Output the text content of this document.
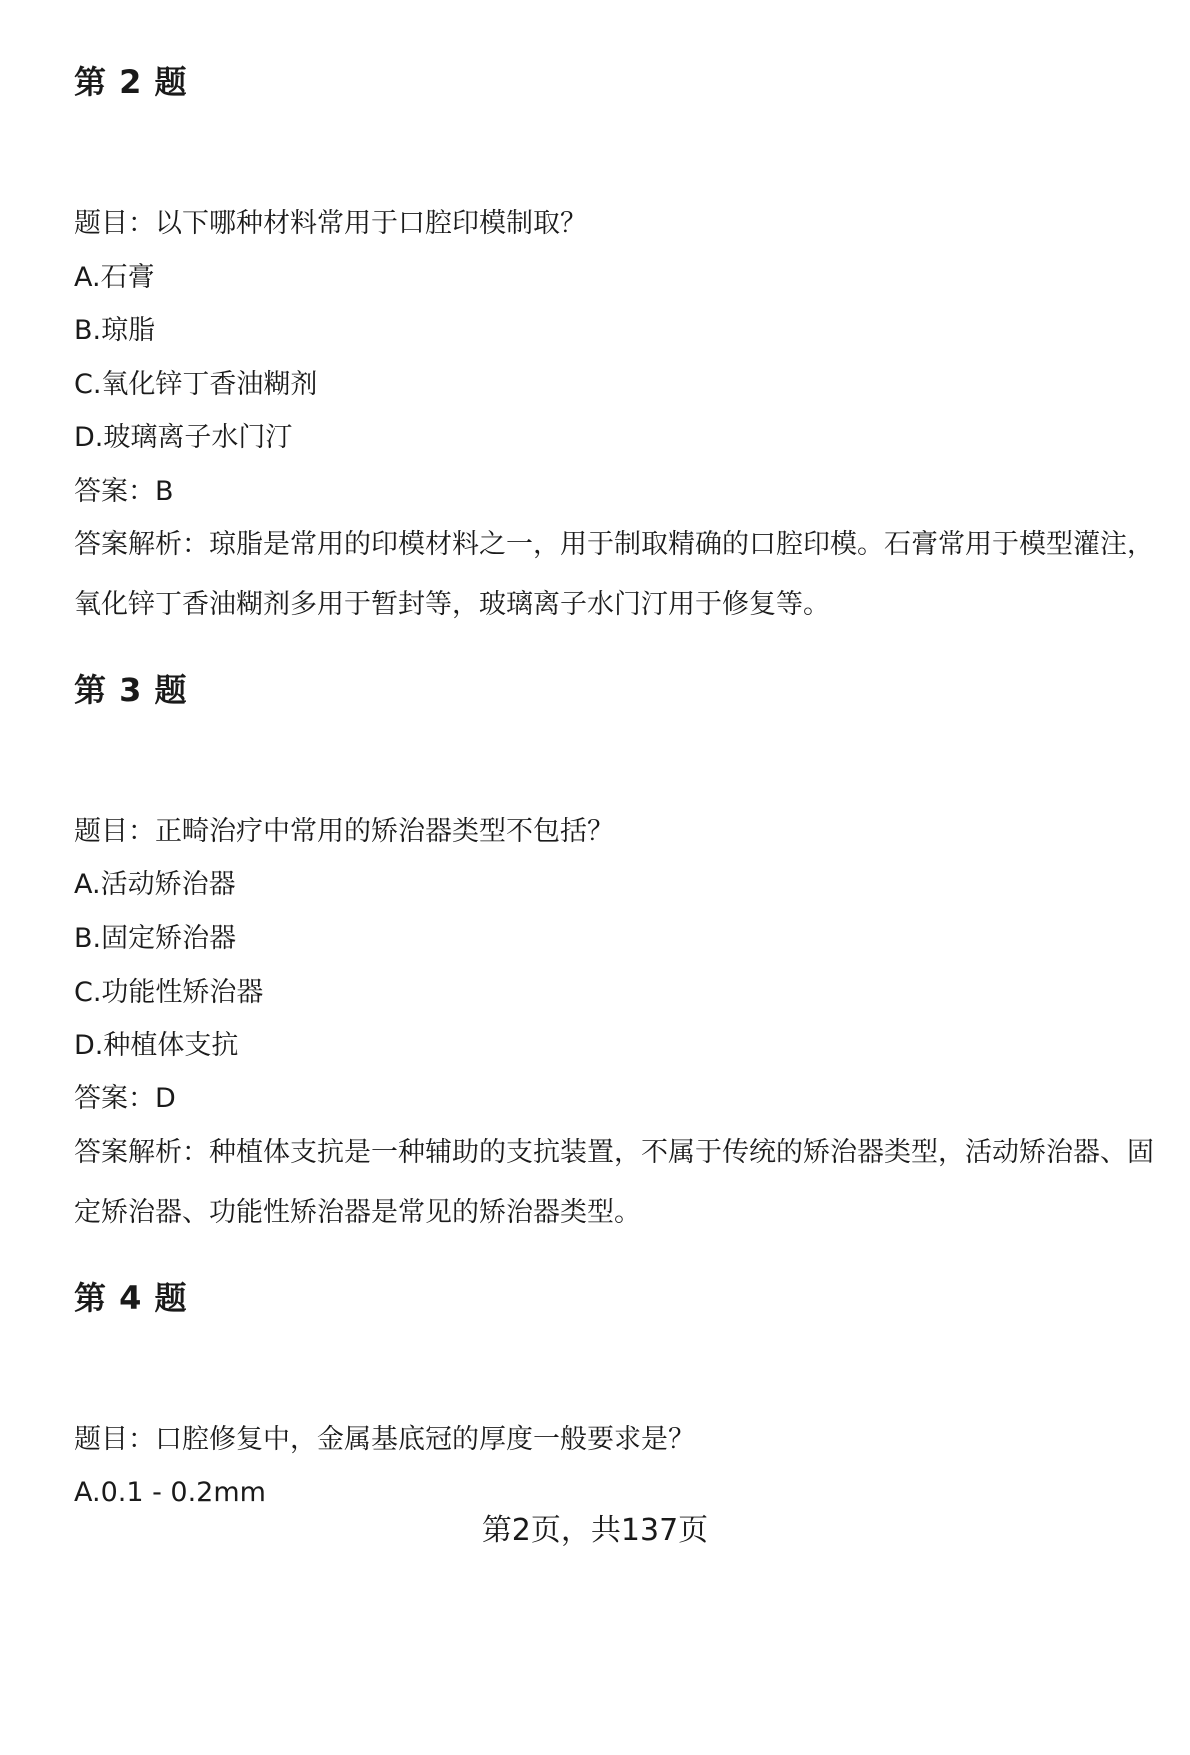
第 2 题
题目：以下哪种材料常用于口腔印模制取？
A.石膏
B.琼脂
C.氧化锌丁香油糊剂
D.玻璃离子水门汀
答案：B
答案解析：琼脂是常用的印模材料之一，用于制取精确的口腔印模。石膏常用于模型灌注，氧化锌丁香油糊剂多用于暂封等，玻璃离子水门汀用于修复等。
第 3 题
题目：正畸治疗中常用的矫治器类型不包括？
A.活动矫治器
B.固定矫治器
C.功能性矫治器
D.种植体支抗
答案：D
答案解析：种植体支抗是一种辅助的支抗装置，不属于传统的矫治器类型，活动矫治器、固定矫治器、功能性矫治器是常见的矫治器类型。
第 4 题
题目：口腔修复中，金属基底冠的厚度一般要求是？
A.0.1 - 0.2mm
第2页，共137页
